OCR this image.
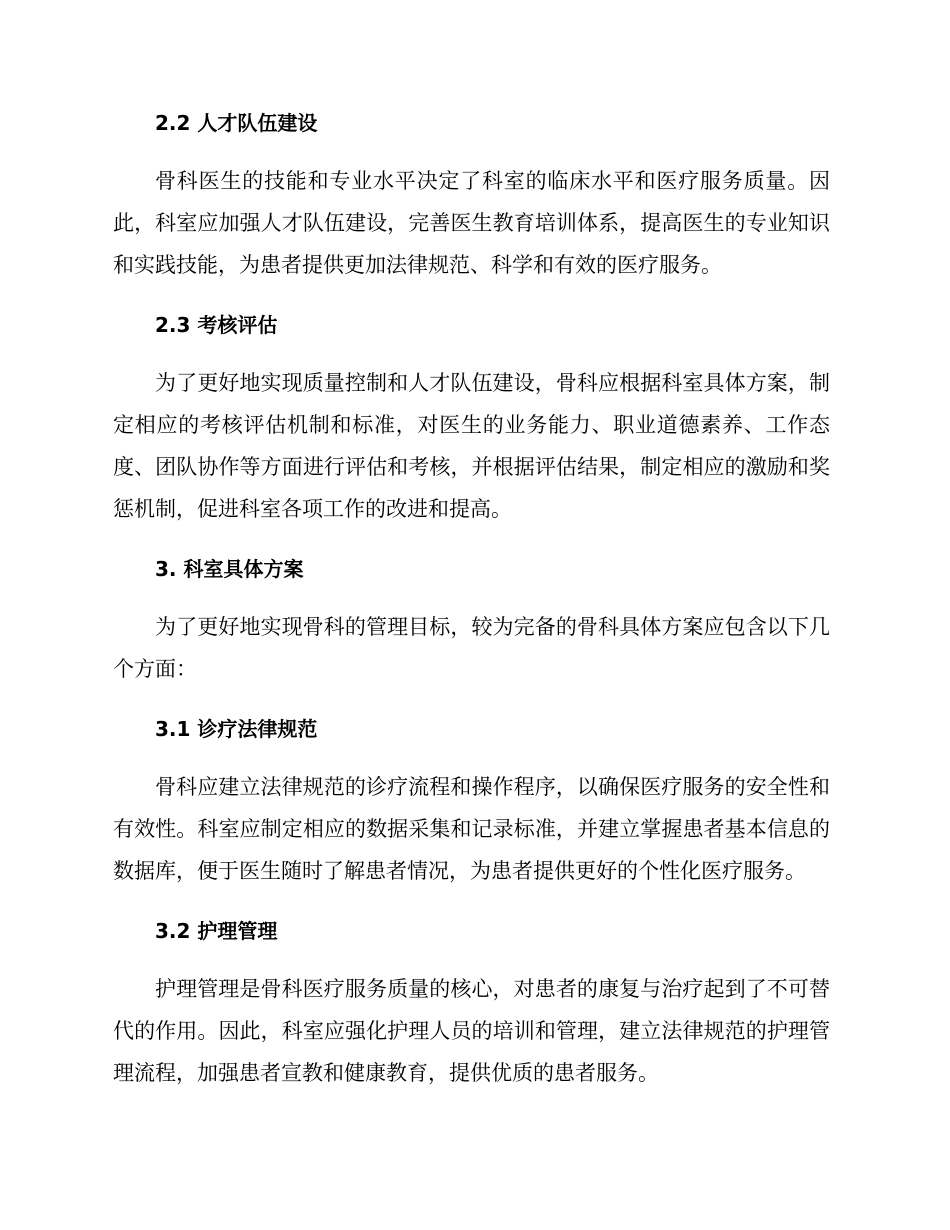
2.2 人才队伍建设

骨科医生的技能和专业水平决定了科室的临床水平和医疗服务质量。因此，科室应加强人才队伍建设，完善医生教育培训体系，提高医生的专业知识和实践技能，为患者提供更加法律规范、科学和有效的医疗服务。

2.3 考核评估

为了更好地实现质量控制和人才队伍建设，骨科应根据科室具体方案，制定相应的考核评估机制和标准，对医生的业务能力、职业道德素养、工作态度、团队协作等方面进行评估和考核，并根据评估结果，制定相应的激励和奖惩机制，促进科室各项工作的改进和提高。

3. 科室具体方案

为了更好地实现骨科的管理目标，较为完备的骨科具体方案应包含以下几个方面：

3.1 诊疗法律规范

骨科应建立法律规范的诊疗流程和操作程序，以确保医疗服务的安全性和有效性。科室应制定相应的数据采集和记录标准，并建立掌握患者基本信息的数据库，便于医生随时了解患者情况，为患者提供更好的个性化医疗服务。

3.2 护理管理

护理管理是骨科医疗服务质量的核心，对患者的康复与治疗起到了不可替代的作用。因此，科室应强化护理人员的培训和管理，建立法律规范的护理管理流程，加强患者宣教和健康教育，提供优质的患者服务。
